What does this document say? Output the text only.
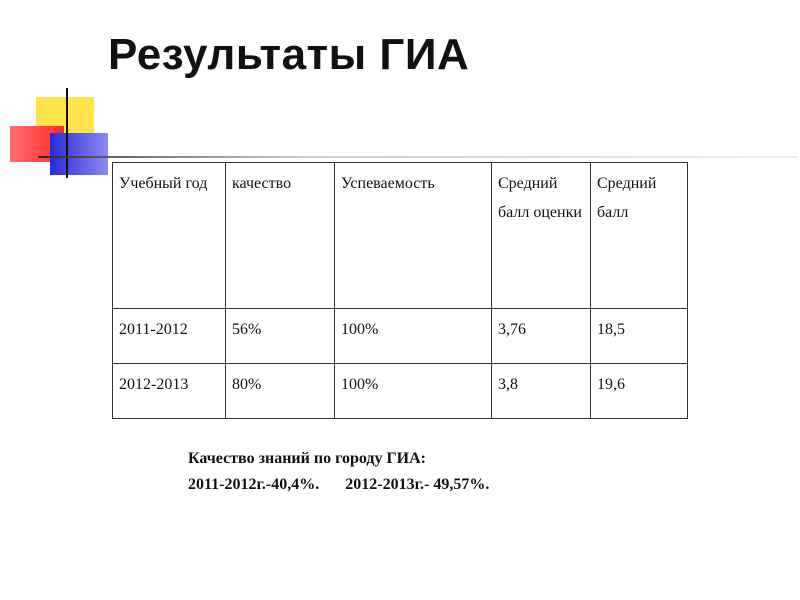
Результаты ГИА
Учебный год	качество	Успеваемость	Средний балл оценки	Средний балл
2011-2012	56%	100%	3,76	18,5
2012-2013	80%	100%	3,8	19,6
Качество знаний по городу ГИА:
2011-2012г.-40,4%. 2012-2013г.- 49,57%.
